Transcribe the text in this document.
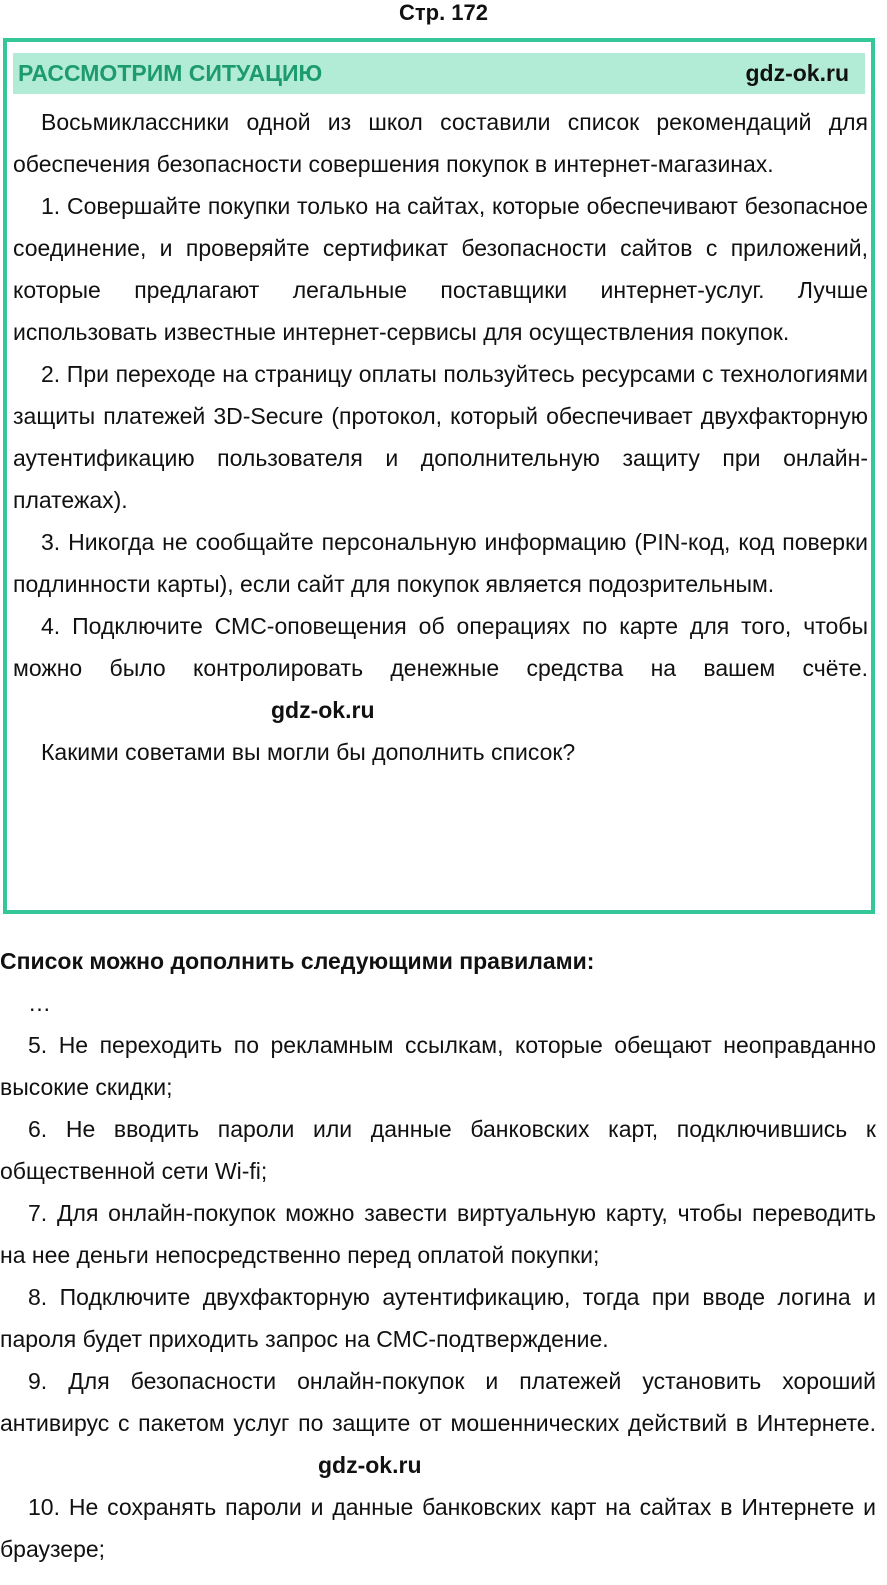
Стр. 172
РАССМОТРИМ СИТУАЦИЮ	gdz-ok.ru

Восьмиклассники одной из школ составили список рекомендаций для обеспечения безопасности совершения покупок в интернет-магазинах.

1. Совершайте покупки только на сайтах, которые обеспечивают безопасное соединение, и проверяйте сертификат безопасности сайтов с приложений, которые предлагают легальные поставщики интернет-услуг. Лучше использовать известные интернет-сервисы для осуществления покупок.

2. При переходе на страницу оплаты пользуйтесь ресурсами с технологиями защиты платежей 3D-Secure (протокол, который обеспечивает двухфакторную аутентификацию пользователя и дополнительную защиту при онлайн-платежах).

3. Никогда не сообщайте персональную информацию (PIN-код, код поверки подлинности карты), если сайт для покупок является подозрительным.

4. Подключите СМС-оповещения об операциях по карте для того, чтобы можно было контролировать денежные средства на вашем счёте.gdz-ok.ru

Какими советами вы могли бы дополнить список?

Список можно дополнить следующими правилами:

…

5. Не переходить по рекламным ссылкам, которые обещают неоправданно высокие скидки;

6. Не вводить пароли или данные банковских карт, подключившись к общественной сети Wi-fi;

7. Для онлайн-покупок можно завести виртуальную карту, чтобы переводить на нее деньги непосредственно перед оплатой покупки;

8. Подключите двухфакторную аутентификацию, тогда при вводе логина и пароля будет приходить запрос на СМС-подтверждение.

9. Для безопасности онлайн-покупок и платежей установить хороший антивирус с пакетом услуг по защите от мошеннических действий в Интернете.gdz-ok.ru

10. Не сохранять пароли и данные банковских карт на сайтах в Интернете и браузере;
